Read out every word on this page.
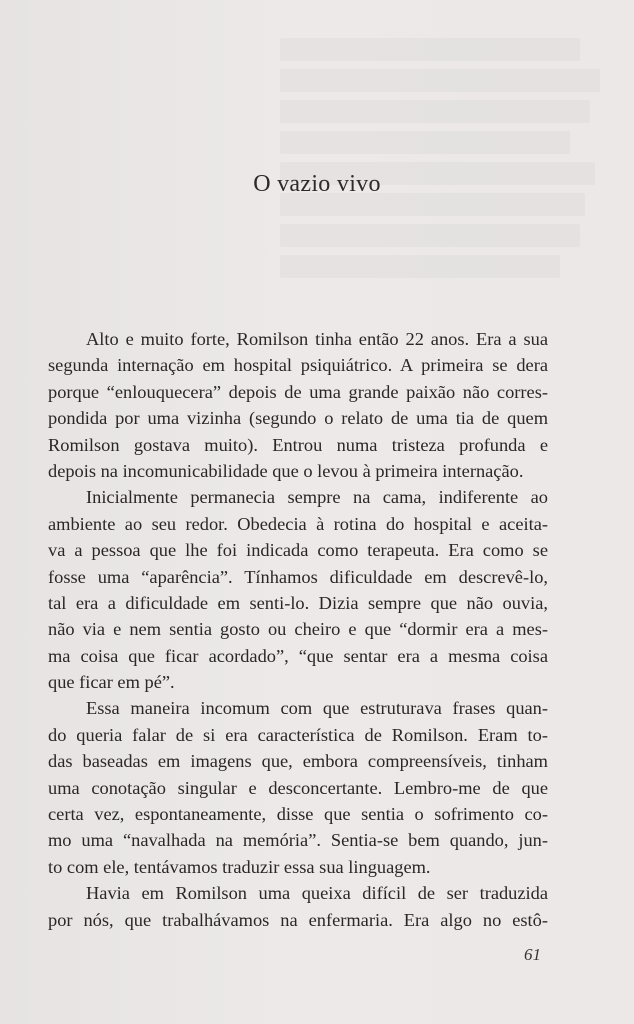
O vazio vivo
Alto e muito forte, Romilson tinha então 22 anos. Era a sua
segunda internação em hospital psiquiátrico. A primeira se dera
porque “enlouquecera” depois de uma grande paixão não corres-
pondida por uma vizinha (segundo o relato de uma tia de quem
Romilson gostava muito). Entrou numa tristeza profunda e
depois na incomunicabilidade que o levou à primeira internação.
Inicialmente permanecia sempre na cama, indiferente ao
ambiente ao seu redor. Obedecia à rotina do hospital e aceita-
va a pessoa que lhe foi indicada como terapeuta. Era como se
fosse uma “aparência”. Tínhamos dificuldade em descrevê-lo,
tal era a dificuldade em senti-lo. Dizia sempre que não ouvia,
não via e nem sentia gosto ou cheiro e que “dormir era a mes-
ma coisa que ficar acordado”, “que sentar era a mesma coisa
que ficar em pé”.
Essa maneira incomum com que estruturava frases quan-
do queria falar de si era característica de Romilson. Eram to-
das baseadas em imagens que, embora compreensíveis, tinham
uma conotação singular e desconcertante. Lembro-me de que
certa vez, espontaneamente, disse que sentia o sofrimento co-
mo uma “navalhada na memória”. Sentia-se bem quando, jun-
to com ele, tentávamos traduzir essa sua linguagem.
Havia em Romilson uma queixa difícil de ser traduzida
por nós, que trabalhávamos na enfermaria. Era algo no estô-
61
